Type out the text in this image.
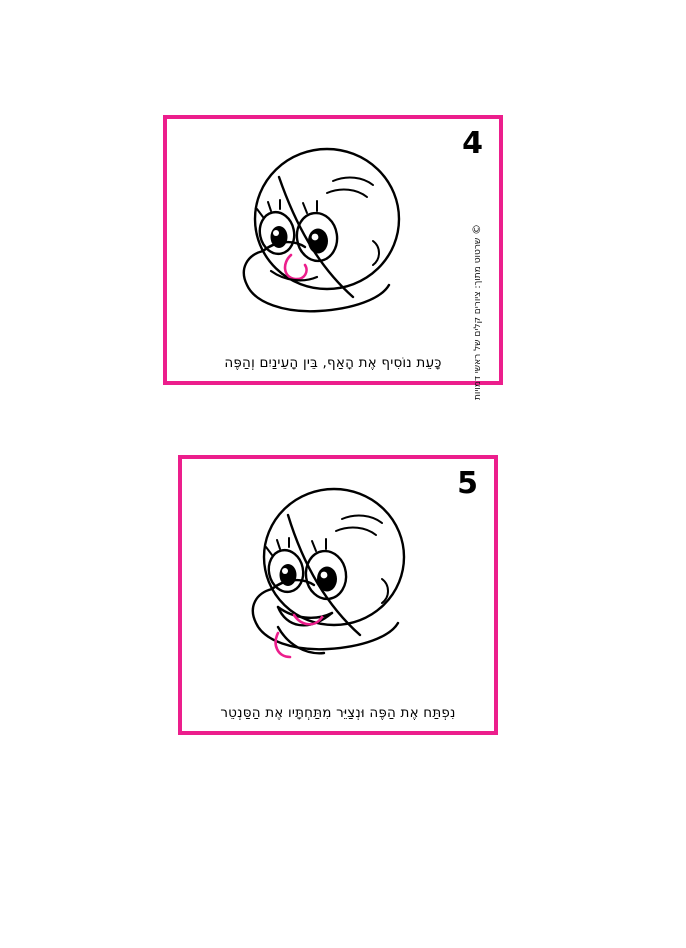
4
כָּעֵת נוֹסִיף אֶת הָאַף, בֵּין הָעֵינַיִם וְהַפֶּה
5
נִפְתַּח אֶת הַפֶּה וּנְצַיֵּר מִתַּחְתָּיו אֶת הַסַּנְטֵר
© שרטוט מתוך: ציורים קלים של ראשי דמויות
